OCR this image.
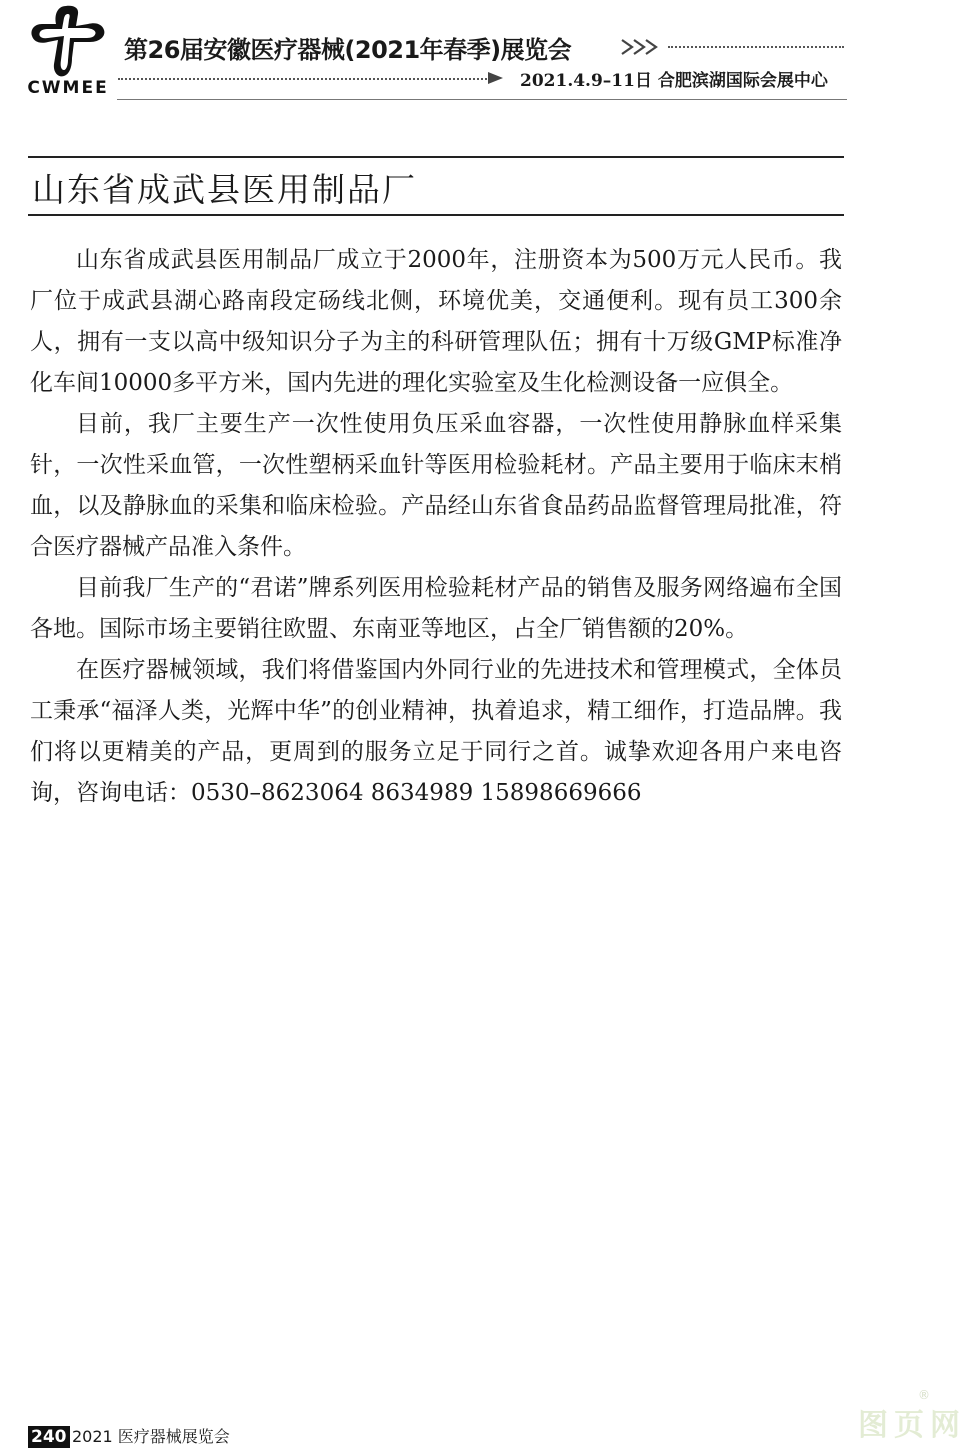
CWMEE
第26届安徽医疗器械(2021年春季)展览会
2021.4.9–11日 合肥滨湖国际会展中心
山东省成武县医用制品厂

山东省成武县医用制品厂成立于2000年，注册资本为500万元人民币。我厂位于成武县湖心路南段定砀线北侧，环境优美，交通便利。现有员工300余人，拥有一支以高中级知识分子为主的科研管理队伍；拥有十万级GMP标准净化车间10000多平方米，国内先进的理化实验室及生化检测设备一应俱全。

目前，我厂主要生产一次性使用负压采血容器，一次性使用静脉血样采集针，一次性采血管，一次性塑柄采血针等医用检验耗材。产品主要用于临床末梢血，以及静脉血的采集和临床检验。产品经山东省食品药品监督管理局批准，符合医疗器械产品准入条件。

目前我厂生产的“君诺”牌系列医用检验耗材产品的销售及服务网络遍布全国各地。国际市场主要销往欧盟、东南亚等地区，占全厂销售额的20%。

在医疗器械领域，我们将借鉴国内外同行业的先进技术和管理模式，全体员工秉承“福泽人类，光辉中华”的创业精神，执着追求，精工细作，打造品牌。我们将以更精美的产品，更周到的服务立足于同行之首。诚挚欢迎各用户来电咨询，咨询电话：0530–8623064 8634989 15898669666

240 2021 医疗器械展览会	图页网
®
